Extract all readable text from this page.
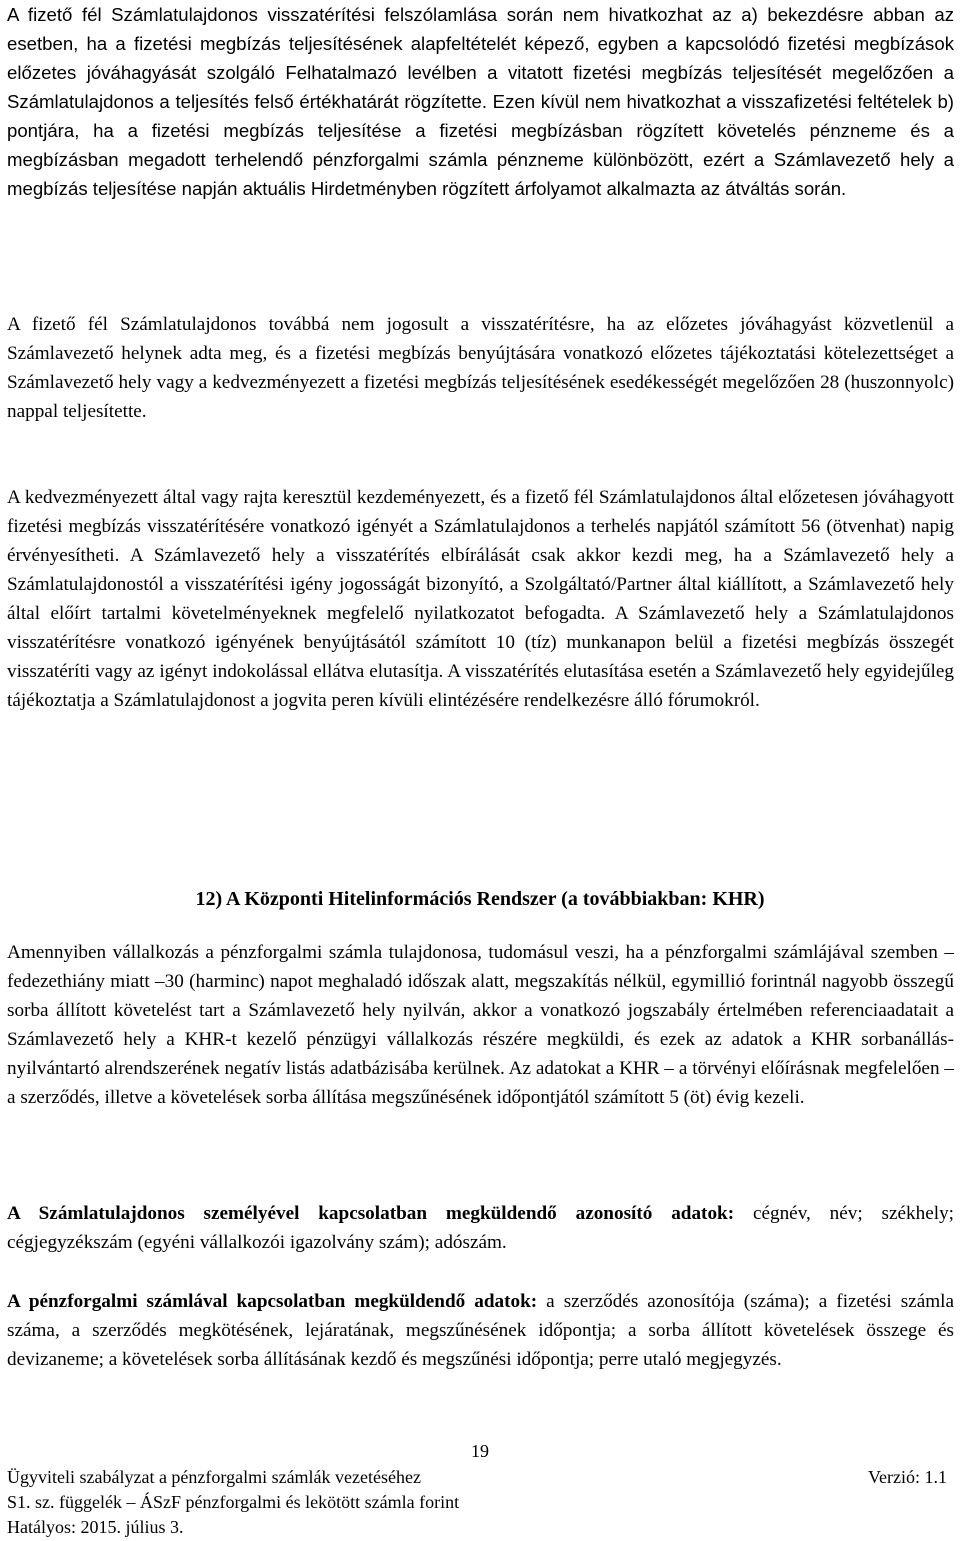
A fizető fél Számlatulajdonos visszatérítési felszólamlása során nem hivatkozhat az a) bekezdésre abban az esetben, ha a fizetési megbízás teljesítésének alapfeltételét képező, egyben a kapcsolódó fizetési megbízások előzetes jóváhagyását szolgáló Felhatalmazó levélben a vitatott fizetési megbízás teljesítését megelőzően a Számlatulajdonos a teljesítés felső értékhatárát rögzítette. Ezen kívül nem hivatkozhat a visszafizetési feltételek b) pontjára, ha a fizetési megbízás teljesítése a fizetési megbízásban rögzített követelés pénzneme és a megbízásban megadott terhelendő pénzforgalmi számla pénzneme különbözött, ezért a Számlavezető hely a megbízás teljesítése napján aktuális Hirdetményben rögzített árfolyamot alkalmazta az átváltás során.

A fizető fél Számlatulajdonos továbbá nem jogosult a visszatérítésre, ha az előzetes jóváhagyást közvetlenül a Számlavezető helynek adta meg, és a fizetési megbízás benyújtására vonatkozó előzetes tájékoztatási kötelezettséget a Számlavezető hely vagy a kedvezményezett a fizetési megbízás teljesítésének esedékességét megelőzően 28 (huszonnyolc) nappal teljesítette.

A kedvezményezett által vagy rajta keresztül kezdeményezett, és a fizető fél Számlatulajdonos által előzetesen jóváhagyott fizetési megbízás visszatérítésére vonatkozó igényét a Számlatulajdonos a terhelés napjától számított 56 (ötvenhat) napig érvényesítheti. A Számlavezető hely a visszatérítés elbírálását csak akkor kezdi meg, ha a Számlavezető hely a Számlatulajdonostól a visszatérítési igény jogosságát bizonyító, a Szolgáltató/Partner által kiállított, a Számlavezető hely által előírt tartalmi követelményeknek megfelelő nyilatkozatot befogadta. A Számlavezető hely a Számlatulajdonos visszatérítésre vonatkozó igényének benyújtásától számított 10 (tíz) munkanapon belül a fizetési megbízás összegét visszatéríti vagy az igényt indokolással ellátva elutasítja. A visszatérítés elutasítása esetén a Számlavezető hely egyidejűleg tájékoztatja a Számlatulajdonost a jogvita peren kívüli elintézésére rendelkezésre álló fórumokról.

12) A Központi Hitelinformációs Rendszer (a továbbiakban: KHR)

Amennyiben vállalkozás a pénzforgalmi számla tulajdonosa, tudomásul veszi, ha a pénzforgalmi számlájával szemben – fedezethiány miatt –30 (harminc) napot meghaladó időszak alatt, megszakítás nélkül, egymillió forintnál nagyobb összegű sorba állított követelést tart a Számlavezető hely nyilván, akkor a vonatkozó jogszabály értelmében referenciaadatait a Számlavezető hely a KHR-t kezelő pénzügyi vállalkozás részére megküldi, és ezek az adatok a KHR sorbanállás-nyilvántartó alrendszerének negatív listás adatbázisába kerülnek. Az adatokat a KHR – a törvényi előírásnak megfelelően – a szerződés, illetve a követelések sorba állítása megszűnésének időpontjától számított 5 (öt) évig kezeli.

A Számlatulajdonos személyével kapcsolatban megküldendő azonosító adatok: cégnév, név; székhely; cégjegyzékszám (egyéni vállalkozói igazolvány szám); adószám.

A pénzforgalmi számlával kapcsolatban megküldendő adatok: a szerződés azonosítója (száma); a fizetési számla száma, a szerződés megkötésének, lejáratának, megszűnésének időpontja; a sorba állított követelések összege és devizaneme; a követelések sorba állításának kezdő és megszűnési időpontja; perre utaló megjegyzés.

19
Ügyviteli szabályzat a pénzforgalmi számlák vezetéséhez	Verzió: 1.1
S1. sz. függelék – ÁSzF pénzforgalmi és lekötött számla forint
Hatályos: 2015. július 3.
